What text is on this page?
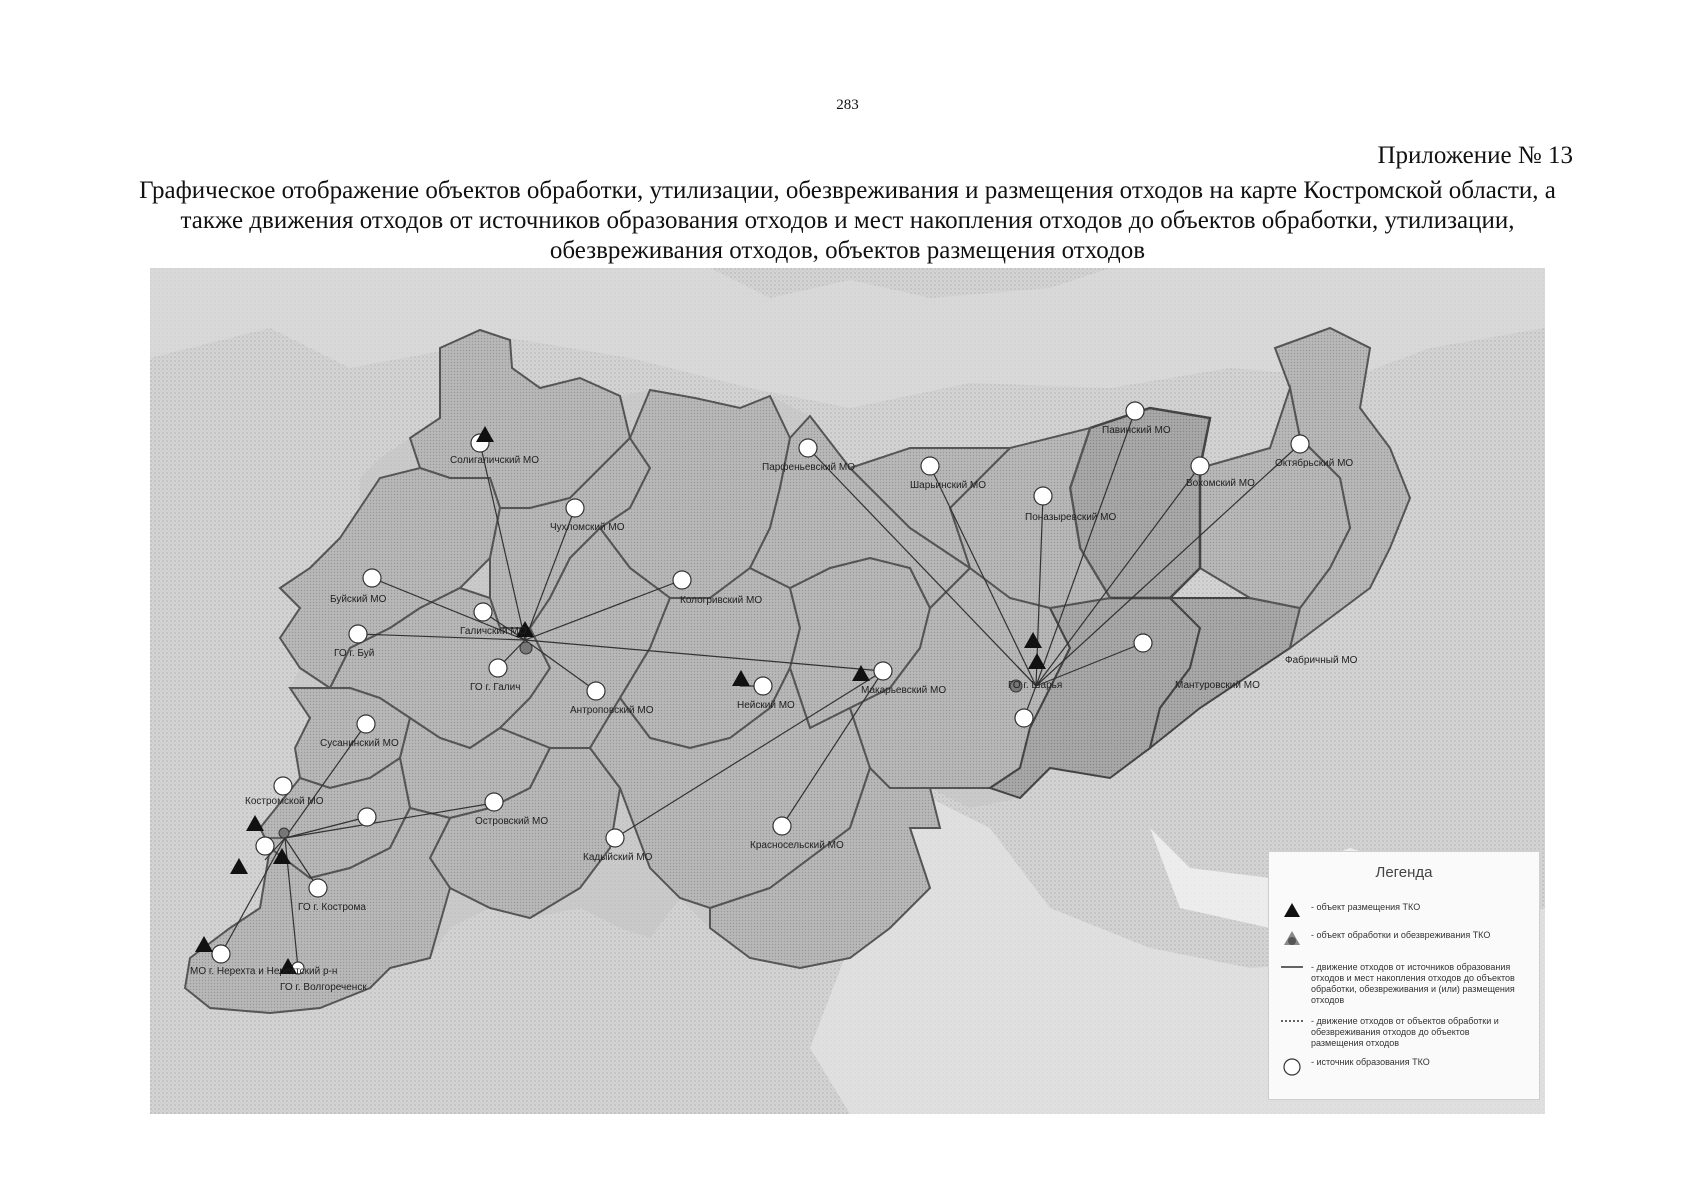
283
Приложение № 13
Графическое отображение объектов обработки, утилизации, обезвреживания и размещения отходов на карте Костромской области, а также движения отходов от источников образования отходов и мест накопления отходов до объектов обработки, утилизации, обезвреживания отходов, объектов размещения отходов
Солигаличский МО
Чухломский МО
Кологривский МО
Мантуровский МО
Павинский МО
Вохомский МО
Октябрьский МО
Поназыревский МО
Буйский МО
ГО г. Буй
Галичский МО
ГО г. Галич
Парфеньевский МО
Антроповский МО	Нейский МО
Макарьевский МО
Шарьинский МО
ГО г. Шарья
Сусанинский МО
Костромской МО
Островский МО
Кадыйский МО
Красносельский МО
ГО г. Кострома
МО г. Нерехта и Нерехтский р-н
ГО г. Волгореченск
Фабричный МО
Легенда
- объект размещения ТКО
- объект обработки и обезвреживания ТКО
- движение отходов от источников образования отходов и мест накопления отходов до объектов обработки, обезвреживания и (или) размещения отходов
- движение отходов от объектов обработки и обезвреживания отходов до объектов размещения отходов
- источник образования ТКО
